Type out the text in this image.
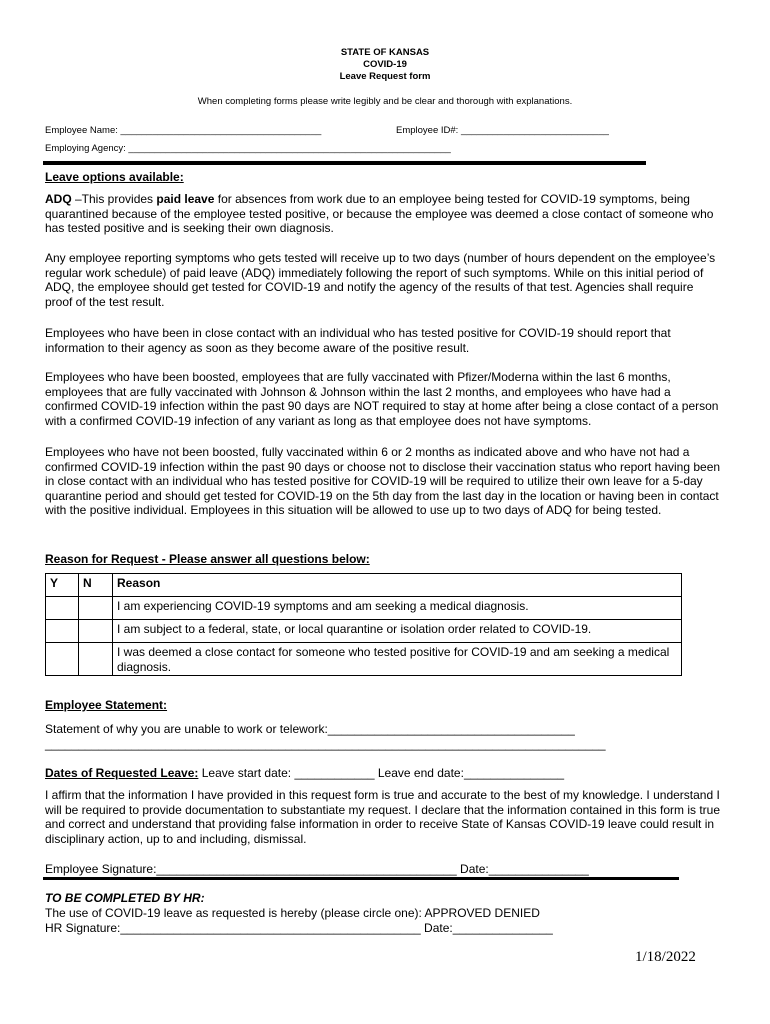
STATE OF KANSAS
COVID-19
Leave Request form
When completing forms please write legibly and be clear and thorough with explanations.
Employee Name: ______________________________________	Employee ID#: ____________________________
Employing Agency: _____________________________________________________________
Leave options available:
ADQ –This provides paid leave for absences from work due to an employee being tested for COVID-19 symptoms, being quarantined because of the employee tested positive, or because the employee was deemed a close contact of someone who has tested positive and is seeking their own diagnosis.
Any employee reporting symptoms who gets tested will receive up to two days (number of hours dependent on the employee’s regular work schedule) of paid leave (ADQ) immediately following the report of such symptoms. While on this initial period of ADQ, the employee should get tested for COVID-19 and notify the agency of the results of that test. Agencies shall require proof of the test result.
Employees who have been in close contact with an individual who has tested positive for COVID-19 should report that information to their agency as soon as they become aware of the positive result.
Employees who have been boosted, employees that are fully vaccinated with Pfizer/Moderna within the last 6 months, employees that are fully vaccinated with Johnson & Johnson within the last 2 months, and employees who have had a confirmed COVID-19 infection within the past 90 days are NOT required to stay at home after being a close contact of a person with a confirmed COVID-19 infection of any variant as long as that employee does not have symptoms.
Employees who have not been boosted, fully vaccinated within 6 or 2 months as indicated above and who have not had a confirmed COVID-19 infection within the past 90 days or choose not to disclose their vaccination status who report having been in close contact with an individual who has tested positive for COVID-19 will be required to utilize their own leave for a 5-day quarantine period and should get tested for COVID-19 on the 5th day from the last day in the location or having been in contact with the positive individual. Employees in this situation will be allowed to use up to two days of ADQ for being tested.
Reason for Request - Please answer all questions below:
Y	N	Reason
		I am experiencing COVID-19 symptoms and am seeking a medical diagnosis.
		I am subject to a federal, state, or local quarantine or isolation order related to COVID-19.
		I was deemed a close contact for someone who tested positive for COVID-19 and am seeking a medical diagnosis.
Employee Statement:
Statement of why you are unable to work or telework:_____________________________________
____________________________________________________________________________________
Dates of Requested Leave: Leave start date: ____________ Leave end date:_______________
I affirm that the information I have provided in this request form is true and accurate to the best of my knowledge. I understand I will be required to provide documentation to substantiate my request. I declare that the information contained in this form is true and correct and understand that providing false information in order to receive State of Kansas COVID-19 leave could result in disciplinary action, up to and including, dismissal.
Employee Signature:_____________________________________________ Date:_______________
TO BE COMPLETED BY HR:
The use of COVID-19 leave as requested is hereby (please circle one): APPROVED DENIED
HR Signature:_____________________________________________ Date:_______________
1/18/2022
